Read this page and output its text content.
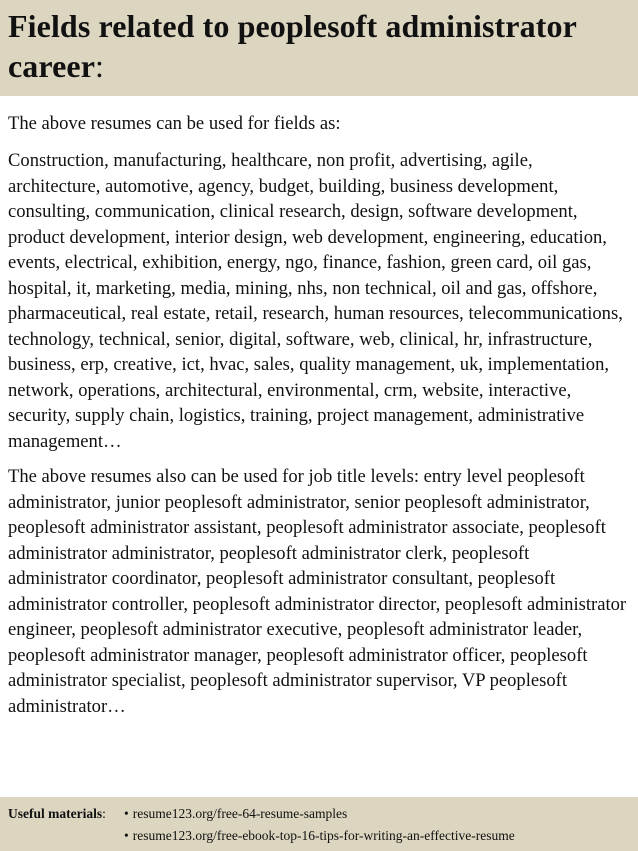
Fields related to peoplesoft administrator career:

The above resumes can be used for fields as:

Construction, manufacturing, healthcare, non profit, advertising, agile, architecture, automotive, agency, budget, building, business development, consulting, communication, clinical research, design, software development, product development, interior design, web development, engineering, education, events, electrical, exhibition, energy, ngo, finance, fashion, green card, oil gas, hospital, it, marketing, media, mining, nhs, non technical, oil and gas, offshore, pharmaceutical, real estate, retail, research, human resources, telecommunications, technology, technical, senior, digital, software, web, clinical, hr, infrastructure, business, erp, creative, ict, hvac, sales, quality management, uk, implementation, network, operations, architectural, environmental, crm, website, interactive, security, supply chain, logistics, training, project management, administrative management…

The above resumes also can be used for job title levels: entry level peoplesoft administrator, junior peoplesoft administrator, senior peoplesoft administrator, peoplesoft administrator assistant, peoplesoft administrator associate, peoplesoft administrator administrator, peoplesoft administrator clerk, peoplesoft administrator coordinator, peoplesoft administrator consultant, peoplesoft administrator controller, peoplesoft administrator director, peoplesoft administrator engineer, peoplesoft administrator executive, peoplesoft administrator leader, peoplesoft administrator manager, peoplesoft administrator officer, peoplesoft administrator specialist, peoplesoft administrator supervisor, VP peoplesoft administrator…

Useful materials:	• resume123.org/free-64-resume-samples
• resume123.org/free-ebook-top-16-tips-for-writing-an-effective-resume
